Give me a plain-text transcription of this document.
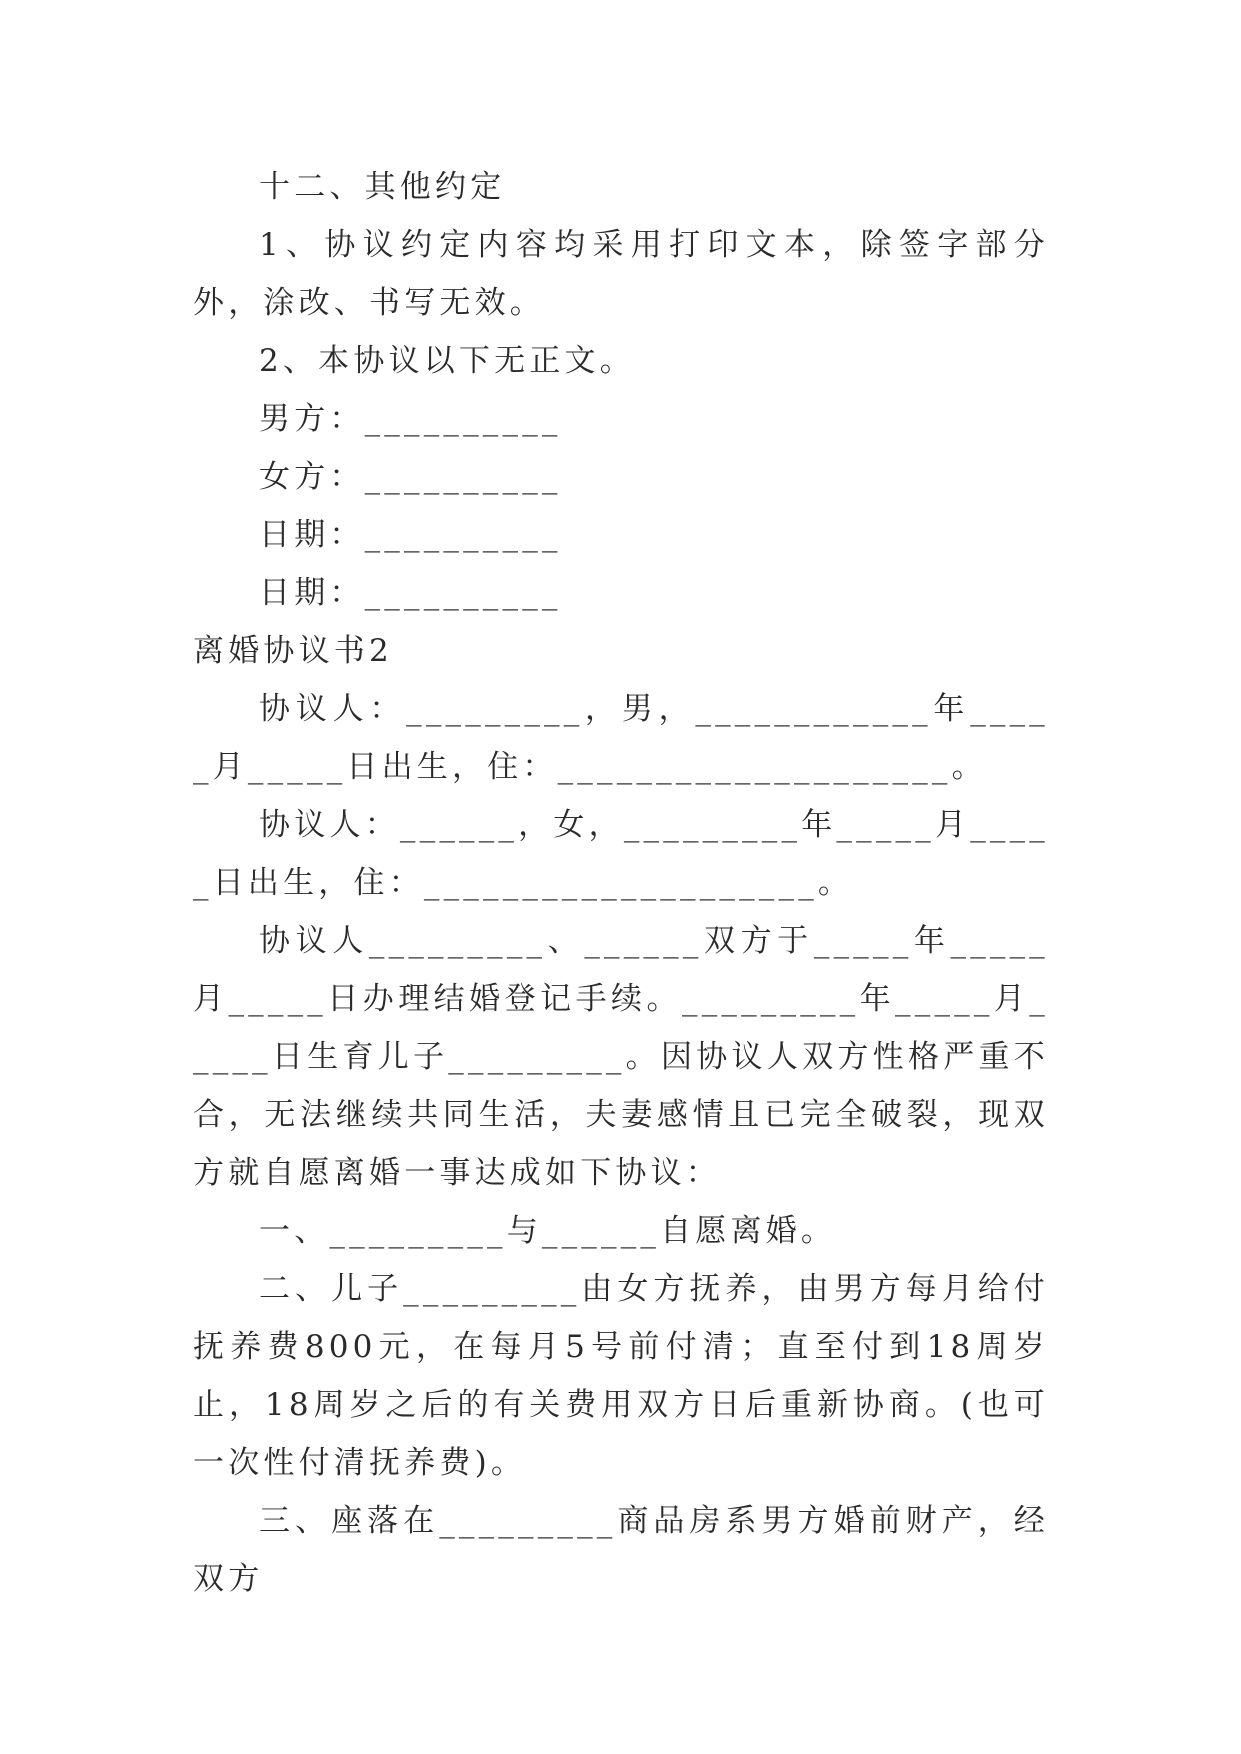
十二、其他约定

1、协议约定内容均采用打印文本，除签字部分外，涂改、书写无效。

2、本协议以下无正文。

男方：__________

女方：__________

日期：__________

日期：__________

离婚协议书2

协议人：_________，男，____________年_____月_____日出生，住：____________________。

协议人：______，女，_________年_____月_____日出生，住：____________________。

协议人_________、______双方于_____年_____月_____日办理结婚登记手续。_________年_____月_____日生育儿子_________。因协议人双方性格严重不合，无法继续共同生活，夫妻感情且已完全破裂，现双方就自愿离婚一事达成如下协议：

一、_________与______自愿离婚。

二、儿子_________由女方抚养，由男方每月给付抚养费800元，在每月5号前付清；直至付到18周岁止，18周岁之后的有关费用双方日后重新协商。(也可一次性付清抚养费)。

三、座落在_________商品房系男方婚前财产，经双方
